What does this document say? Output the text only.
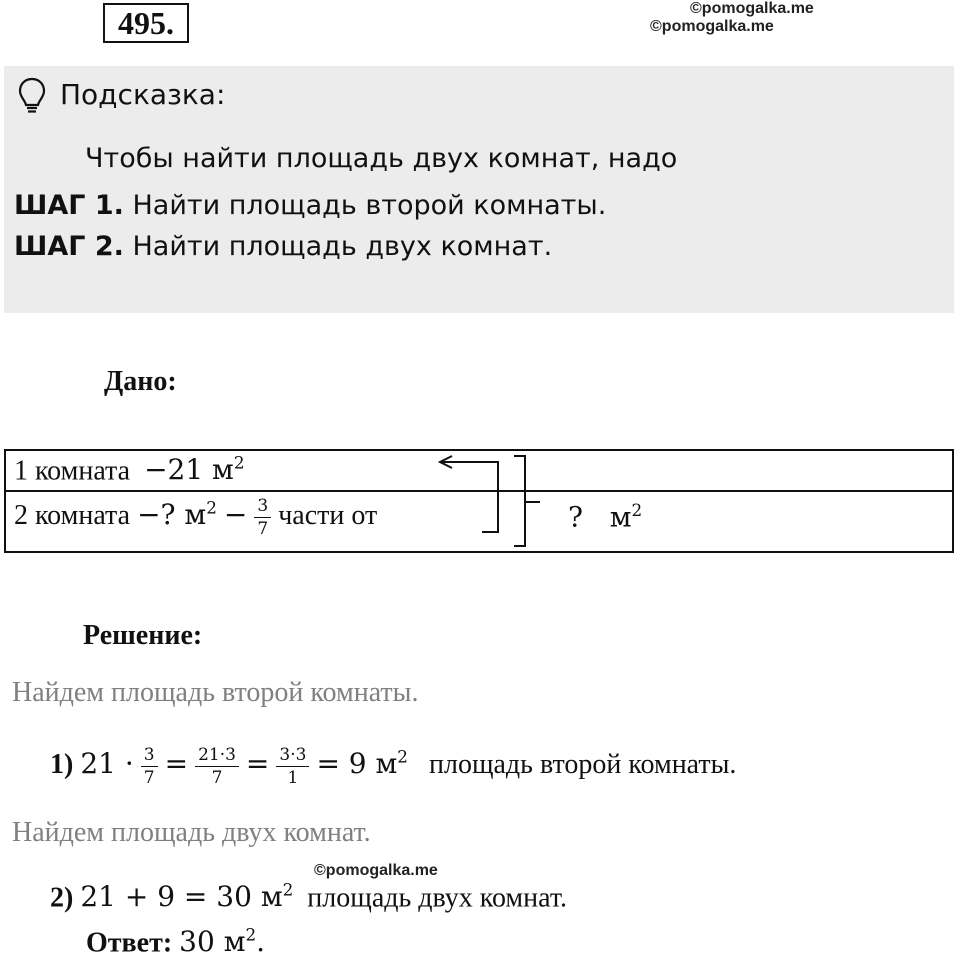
495.	©pomogalka.me
©pomogalka.me
Подсказка:
Чтобы найти площадь двух комнат, надо
ШАГ 1. Найти площадь второй комнаты.
ШАГ 2. Найти площадь двух комнат.
Дано:
1 комната −21 $м^2$
2 комната −? $м^2 - \frac{3}{7}$ части от	? $м^2$
Решение:
Найдем площадь второй комнаты.
1) $21 \cdot \frac{3}{7} = \frac{21\cdot 3}{7} = \frac{3\cdot 3}{1} = 9$ $м^2$ площадь второй комнаты.
Найдем площадь двух комнат.
©pomogalka.me
2) 21 + 9 = 30 $м^2$ площадь двух комнат.
Ответ: 30 $м^2$.
